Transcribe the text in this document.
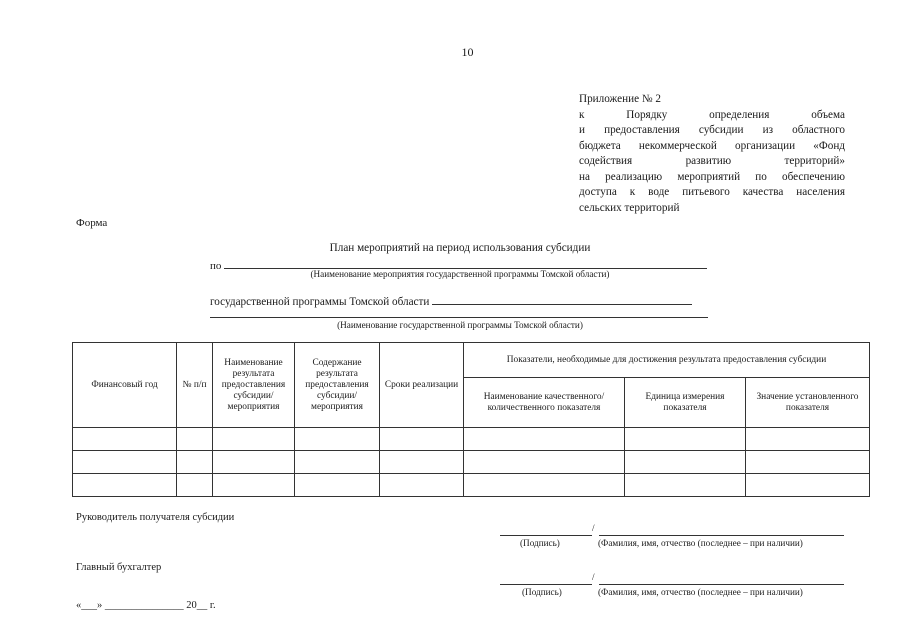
10
Приложение № 2
к Порядку определения объема
и предоставления субсидии из областного
бюджета некоммерческой организации «Фонд
содействия развитию территорий»
на реализацию мероприятий по обеспечению
доступа к воде питьевого качества населения
сельских территорий
Форма
План мероприятий на период использования субсидии
по
(Наименование мероприятия государственной программы Томской области)
государственной программы Томской области
(Наименование государственной программы Томской области)
Финансовый год	№ п/п	Наименование результата предоставления субсидии/ мероприятия	Содержание результата предоставления субсидии/ мероприятия	Сроки реализации	Показатели, необходимые для достижения результата предоставления субсидии		
					Наименование качественного/ количественного показателя	Единица измерения показателя	Значение установленного показателя

Руководитель получателя субсидии
/
(Подпись)	(Фамилия, имя, отчество (последнее – при наличии)
Главный бухгалтер
/
(Подпись)	(Фамилия, имя, отчество (последнее – при наличии)
«___» _______________ 20__ г.
